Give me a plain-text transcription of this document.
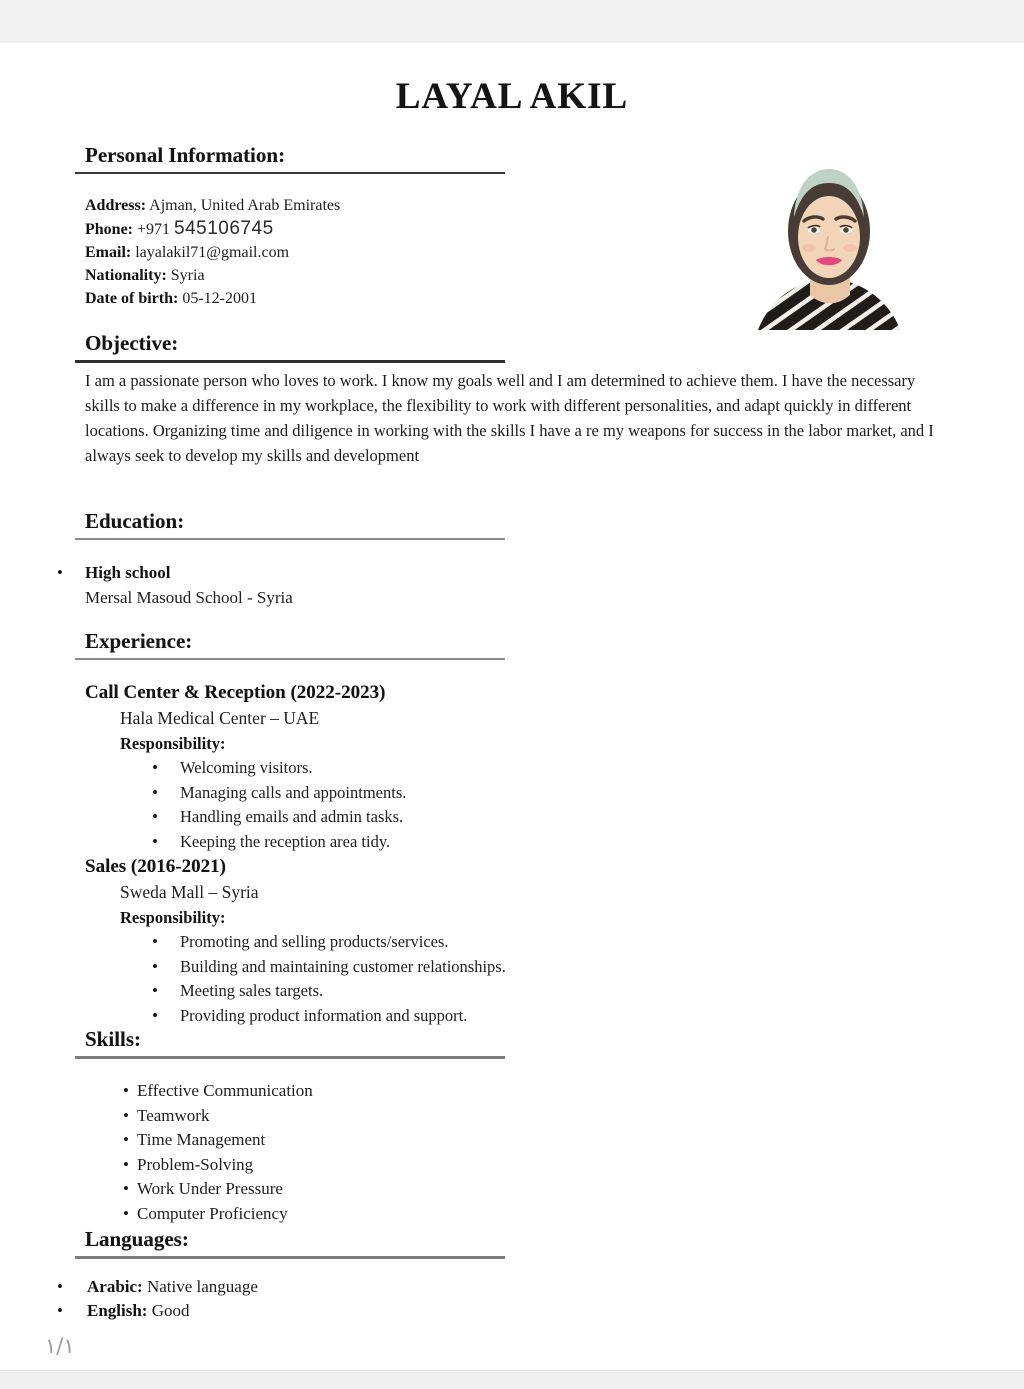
LAYAL AKIL
Personal Information:
Address: Ajman, United Arab Emirates
Phone: +971 545106745
Email: layalakil71@gmail.com
Nationality: Syria
Date of birth: 05-12-2001
Objective:

I am a passionate person who loves to work. I know my goals well and I am determined to achieve them. I have the necessary skills to make a difference in my workplace, the flexibility to work with different personalities, and adapt quickly in different locations. Organizing time and diligence in working with the skills I have a re my weapons for success in the labor market, and I always seek to develop my skills and development

Education:
•
High school
Mersal Masoud School - Syria
Experience:
Call Center & Reception (2022-2023)
Hala Medical Center – UAE
Responsibility:
•
Welcoming visitors.
•
Managing calls and appointments.
•
Handling emails and admin tasks.
•
Keeping the reception area tidy.
Sales (2016-2021)
Sweda Mall – Syria
Responsibility:
•
Promoting and selling products/services.
•
Building and maintaining customer relationships.
•
Meeting sales targets.
•
Providing product information and support.
Skills:
•
Effective Communication
•
Teamwork
•
Time Management
•
Problem-Solving
•
Work Under Pressure
•
Computer Proficiency
Languages:
•
Arabic: Native language
•
English: Good
١/١
